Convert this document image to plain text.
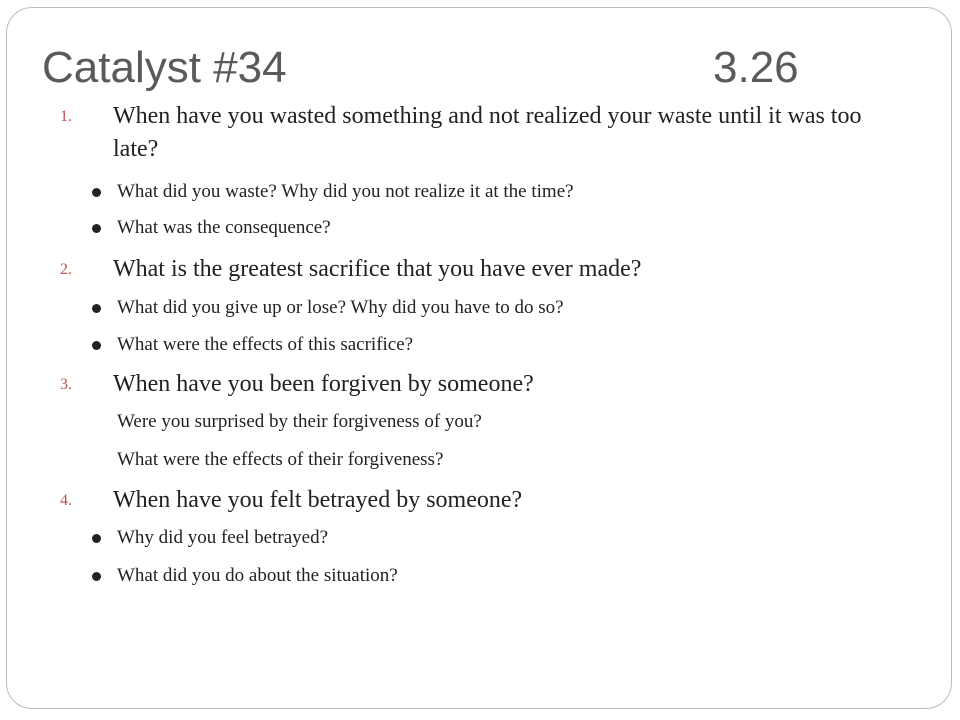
Catalyst #34	3.26
1. When have you wasted something and not realized your waste until it was too late?
What did you waste? Why did you not realize it at the time?
What was the consequence?
2. What is the greatest sacrifice that you have ever made?
What did you give up or lose? Why did you have to do so?
What were the effects of this sacrifice?
3. When have you been forgiven by someone?
Were you surprised by their forgiveness of you?
What were the effects of their forgiveness?
4. When have you felt betrayed by someone?
Why did you feel betrayed?
What did you do about the situation?
